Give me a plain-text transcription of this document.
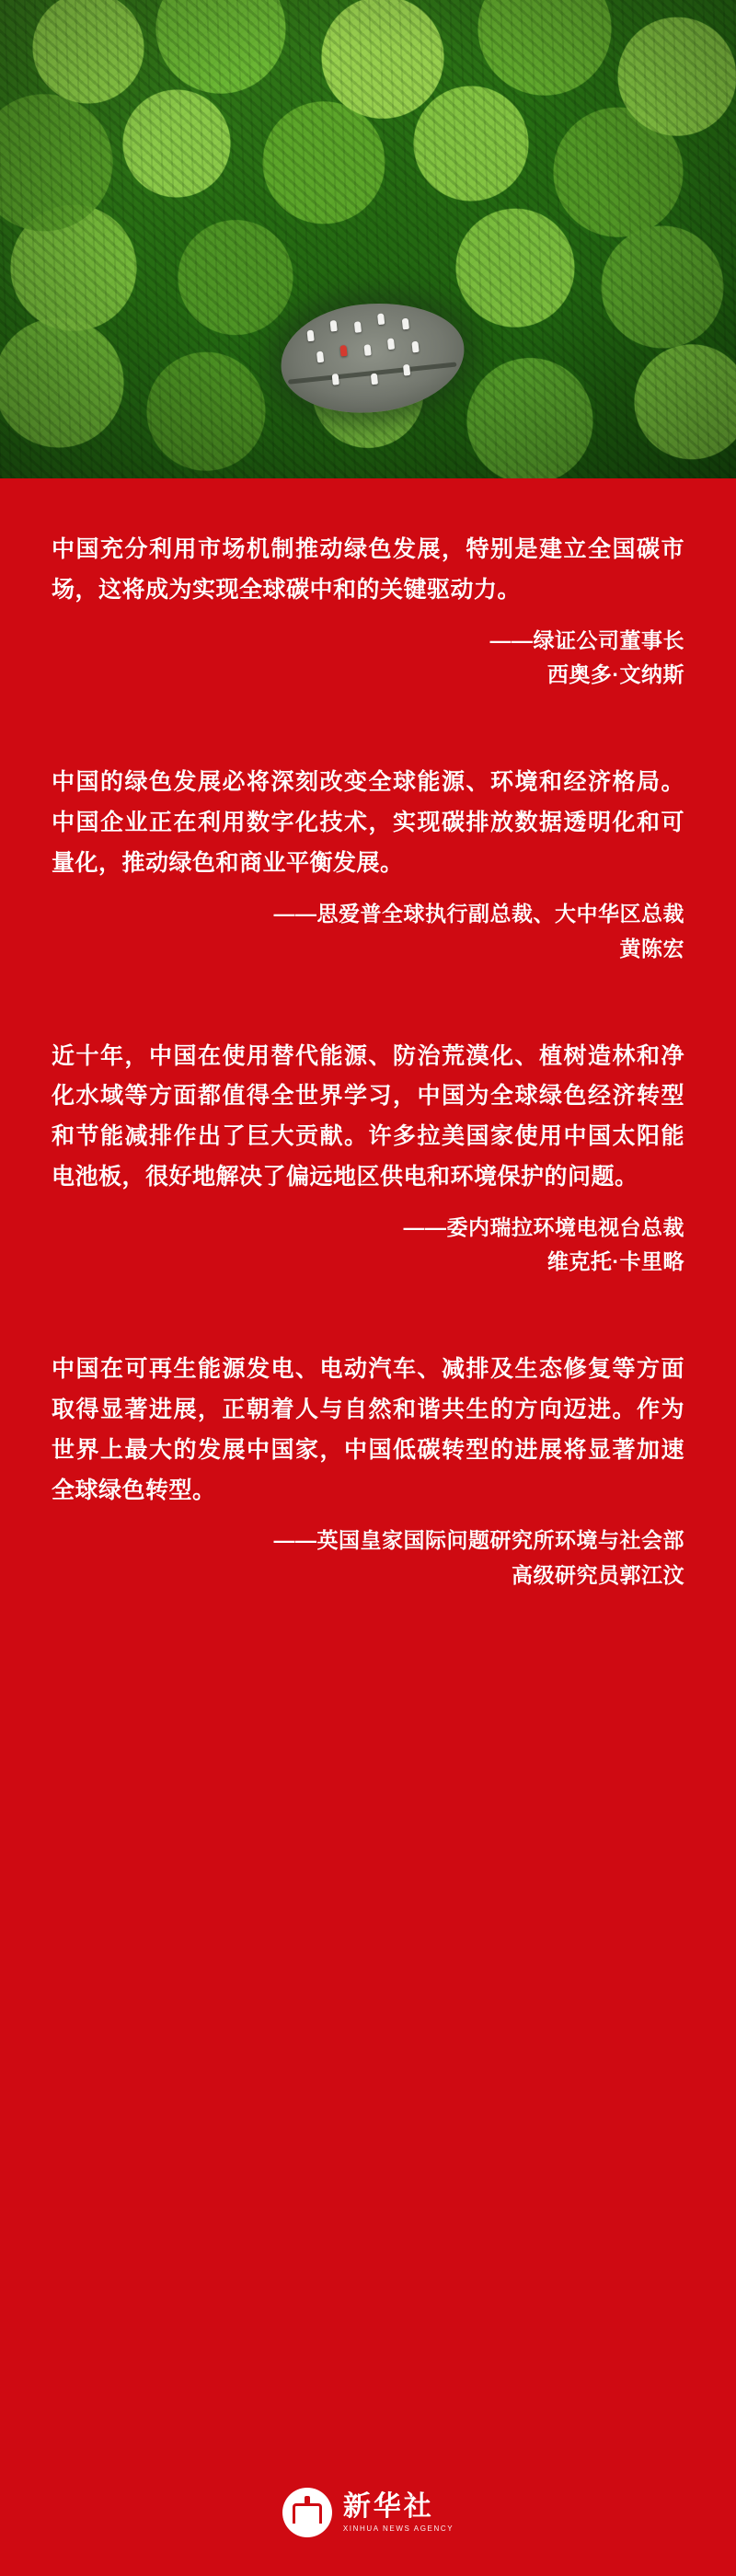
中国充分利用市场机制推动绿色发展，特别是建立全国碳市场，这将成为实现全球碳中和的关键驱动力。
——绿证公司董事长
西奥多·文纳斯
中国的绿色发展必将深刻改变全球能源、环境和经济格局。中国企业正在利用数字化技术，实现碳排放数据透明化和可量化，推动绿色和商业平衡发展。
——思爱普全球执行副总裁、大中华区总裁
黄陈宏
近十年，中国在使用替代能源、防治荒漠化、植树造林和净化水域等方面都值得全世界学习，中国为全球绿色经济转型和节能减排作出了巨大贡献。许多拉美国家使用中国太阳能电池板，很好地解决了偏远地区供电和环境保护的问题。
——委内瑞拉环境电视台总裁
维克托·卡里略
中国在可再生能源发电、电动汽车、减排及生态修复等方面取得显著进展，正朝着人与自然和谐共生的方向迈进。作为世界上最大的发展中国家，中国低碳转型的进展将显著加速全球绿色转型。
——英国皇家国际问题研究所环境与社会部
高级研究员郭江汶
新华社
XINHUA NEWS AGENCY
